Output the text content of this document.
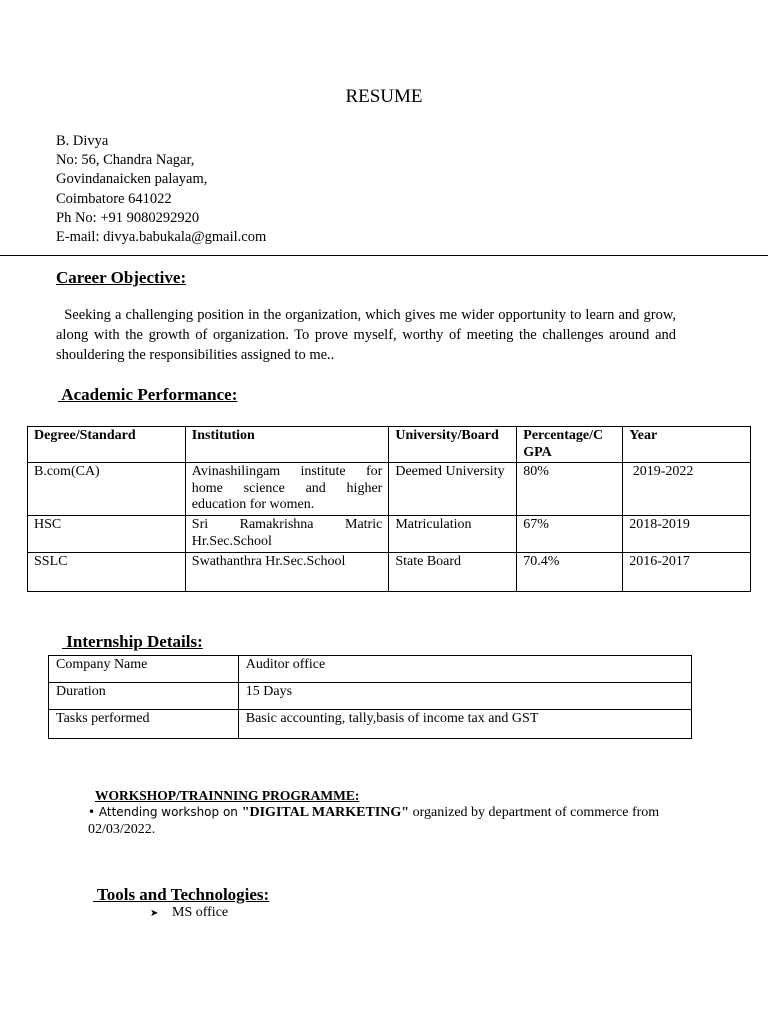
RESUME
B. Divya
No: 56, Chandra Nagar,
Govindanaicken palayam,
Coimbatore 641022
Ph No: +91 9080292920
E-mail: divya.babukala@gmail.com
Career Objective:
Seeking a challenging position in the organization, which gives me wider opportunity to learn and grow, along with the growth of organization. To prove myself, worthy of meeting the challenges around and shouldering the responsibilities assigned to me..
Academic Performance:
Degree/Standard	Institution	University/Board	Percentage/C GPA	Year
B.com(CA)	Avinashilingam institute for home science and higher education for women.	Deemed University	80%	2019-2022
HSC	Sri Ramakrishna Matric Hr.Sec.School	Matriculation	67%	2018-2019
SSLC	Swathanthra Hr.Sec.School	State Board	70.4%	2016-2017
Internship Details:
Company Name	Auditor office
Duration	15 Days
Tasks performed	Basic accounting, tally,basis of income tax and GST
WORKSHOP/TRAINNING PROGRAMME:
• Attending workshop on "DIGITAL MARKETING" organized by department of commerce from 02/03/2022.
Tools and Technologies:
➤ MS office
